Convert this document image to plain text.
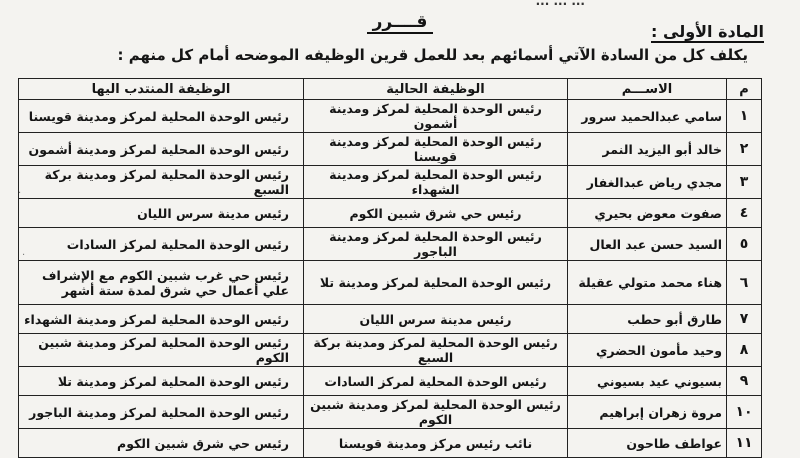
... ... ...
قــــرر	المادة الأولى :
يكلف كل من السادة الآتي أسمائهم بعد للعمل قرين الوظيفه الموضحه أمام كل منهم :
م	الاســـم	الوظيفة الحالية	الوظيفة المنتدب اليها
١	سامي عبدالحميد سرور	رئيس الوحدة المحلية لمركز ومدينة أشمون	رئيس الوحدة المحلية لمركز ومدينة قويسنا
٢	خالد أبو اليزيد النمر	رئيس الوحدة المحلية لمركز ومدينة قويسنا	رئيس الوحدة المحلية لمركز ومدينة أشمون
٣	مجدي رياض عبدالغفار	رئيس الوحدة المحلية لمركز ومدينة الشهداء	رئيس الوحدة المحلية لمركز ومدينة بركة السبع
٤	صفوت معوض بحيري	رئيس حي شرق شبين الكوم	رئيس مدينة سرس الليان
٥	السيد حسن عبد العال	رئيس الوحدة المحلية لمركز ومدينة الباجور	رئيس الوحدة المحلية لمركز السادات
٦	هناء محمد متولي عقيلة	رئيس الوحدة المحلية لمركز ومدينة تلا	رئيس حي غرب شبين الكوم مع الإشراف علي أعمال حي شرق لمدة ستة أشهر
٧	طارق أبو حطب	رئيس مدينة سرس الليان	رئيس الوحدة المحلية لمركز ومدينة الشهداء
٨	وحيد مأمون الحضري	رئيس الوحدة المحلية لمركز ومدينة بركة السبع	رئيس الوحدة المحلية لمركز ومدينة شبين الكوم
٩	بسيوني عيد بسيوني	رئيس الوحدة المحلية لمركز السادات	رئيس الوحدة المحلية لمركز ومدينة تلا
١٠	مروة زهران إبراهيم	رئيس الوحدة المحلية لمركز ومدينة شبين الكوم	رئيس الوحدة المحلية لمركز ومدينة الباجور
١١	عواطف طاحون	نائب رئيس مركز ومدينة قويسنا	رئيس حي شرق شبين الكوم
·
·
